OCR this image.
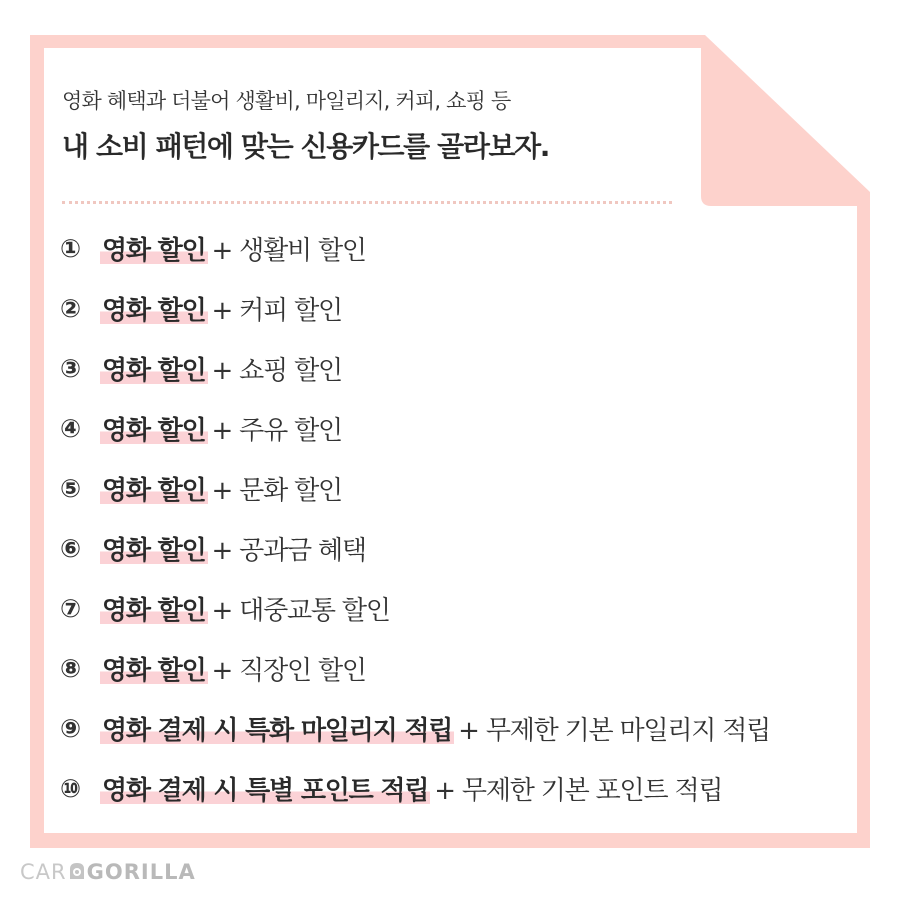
영화 혜택과 더불어 생활비, 마일리지, 커피, 쇼핑 등
내 소비 패턴에 맞는 신용카드를 골라보자.
① 영화 할인 + 생활비 할인
② 영화 할인 + 커피 할인
③ 영화 할인 + 쇼핑 할인
④ 영화 할인 + 주유 할인
⑤ 영화 할인 + 문화 할인
⑥ 영화 할인 + 공과금 혜택
⑦ 영화 할인 + 대중교통 할인
⑧ 영화 할인 + 직장인 할인
⑨ 영화 결제 시 특화 마일리지 적립 + 무제한 기본 마일리지 적립
⑩ 영화 결제 시 특별 포인트 적립 + 무제한 기본 포인트 적립
CAR GORILLA
